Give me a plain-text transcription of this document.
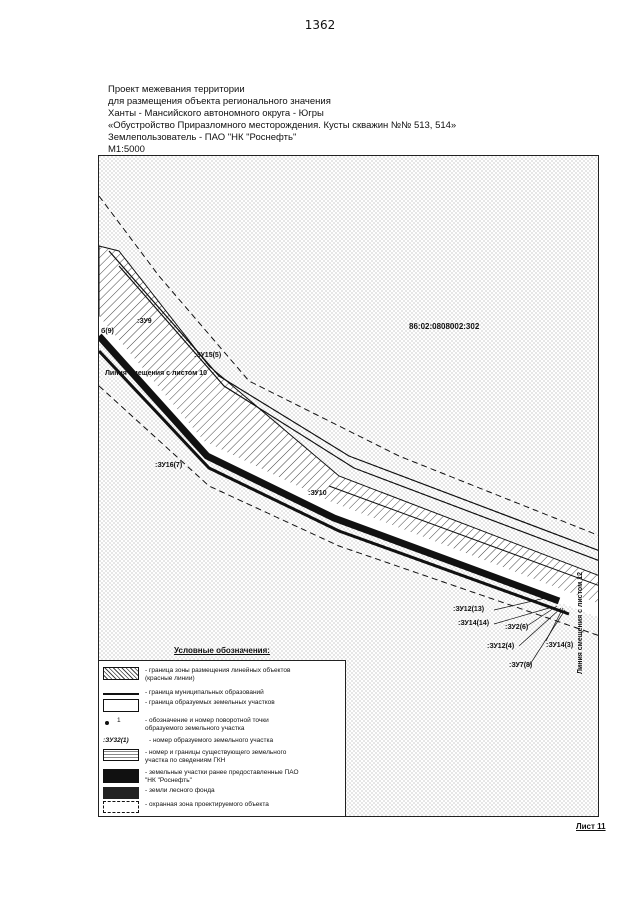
1362
Проект межевания территории
для размещения объекта регионального значения
Ханты - Мансийского автономного округа - Югры
«Обустройство Приразломного месторождения. Кусты скважин №№ 513, 514»
Землепользователь - ПАО "НК "Роснефть"
М1:5000
86:02:0808002:302
Линия смещения с листом 10
:ЗУ9
б(9)
:ЗУ15(5)
:ЗУ16(7)
:ЗУ10
:ЗУ12(13)
:ЗУ14(14)
:ЗУ2(6)
:ЗУ14(3)
:ЗУ12(4)
:ЗУ7(8)	Линия смещения с листом 12
Условные обозначения:
- граница зоны размещения линейных объектов (красные линии)
- граница муниципальных образований
- граница образуемых земельных участков
1	- обозначение и номер поворотной точки образуемого земельного участка
:ЗУ32(1)	- номер образуемого земельного участка
- номер и границы существующего земельного участка по сведениям ГКН
- земельные участки ранее предоставленные ПАО "НК "Роснефть"
- земли лесного фонда
- охранная зона проектируемого объекта
Лист 11
